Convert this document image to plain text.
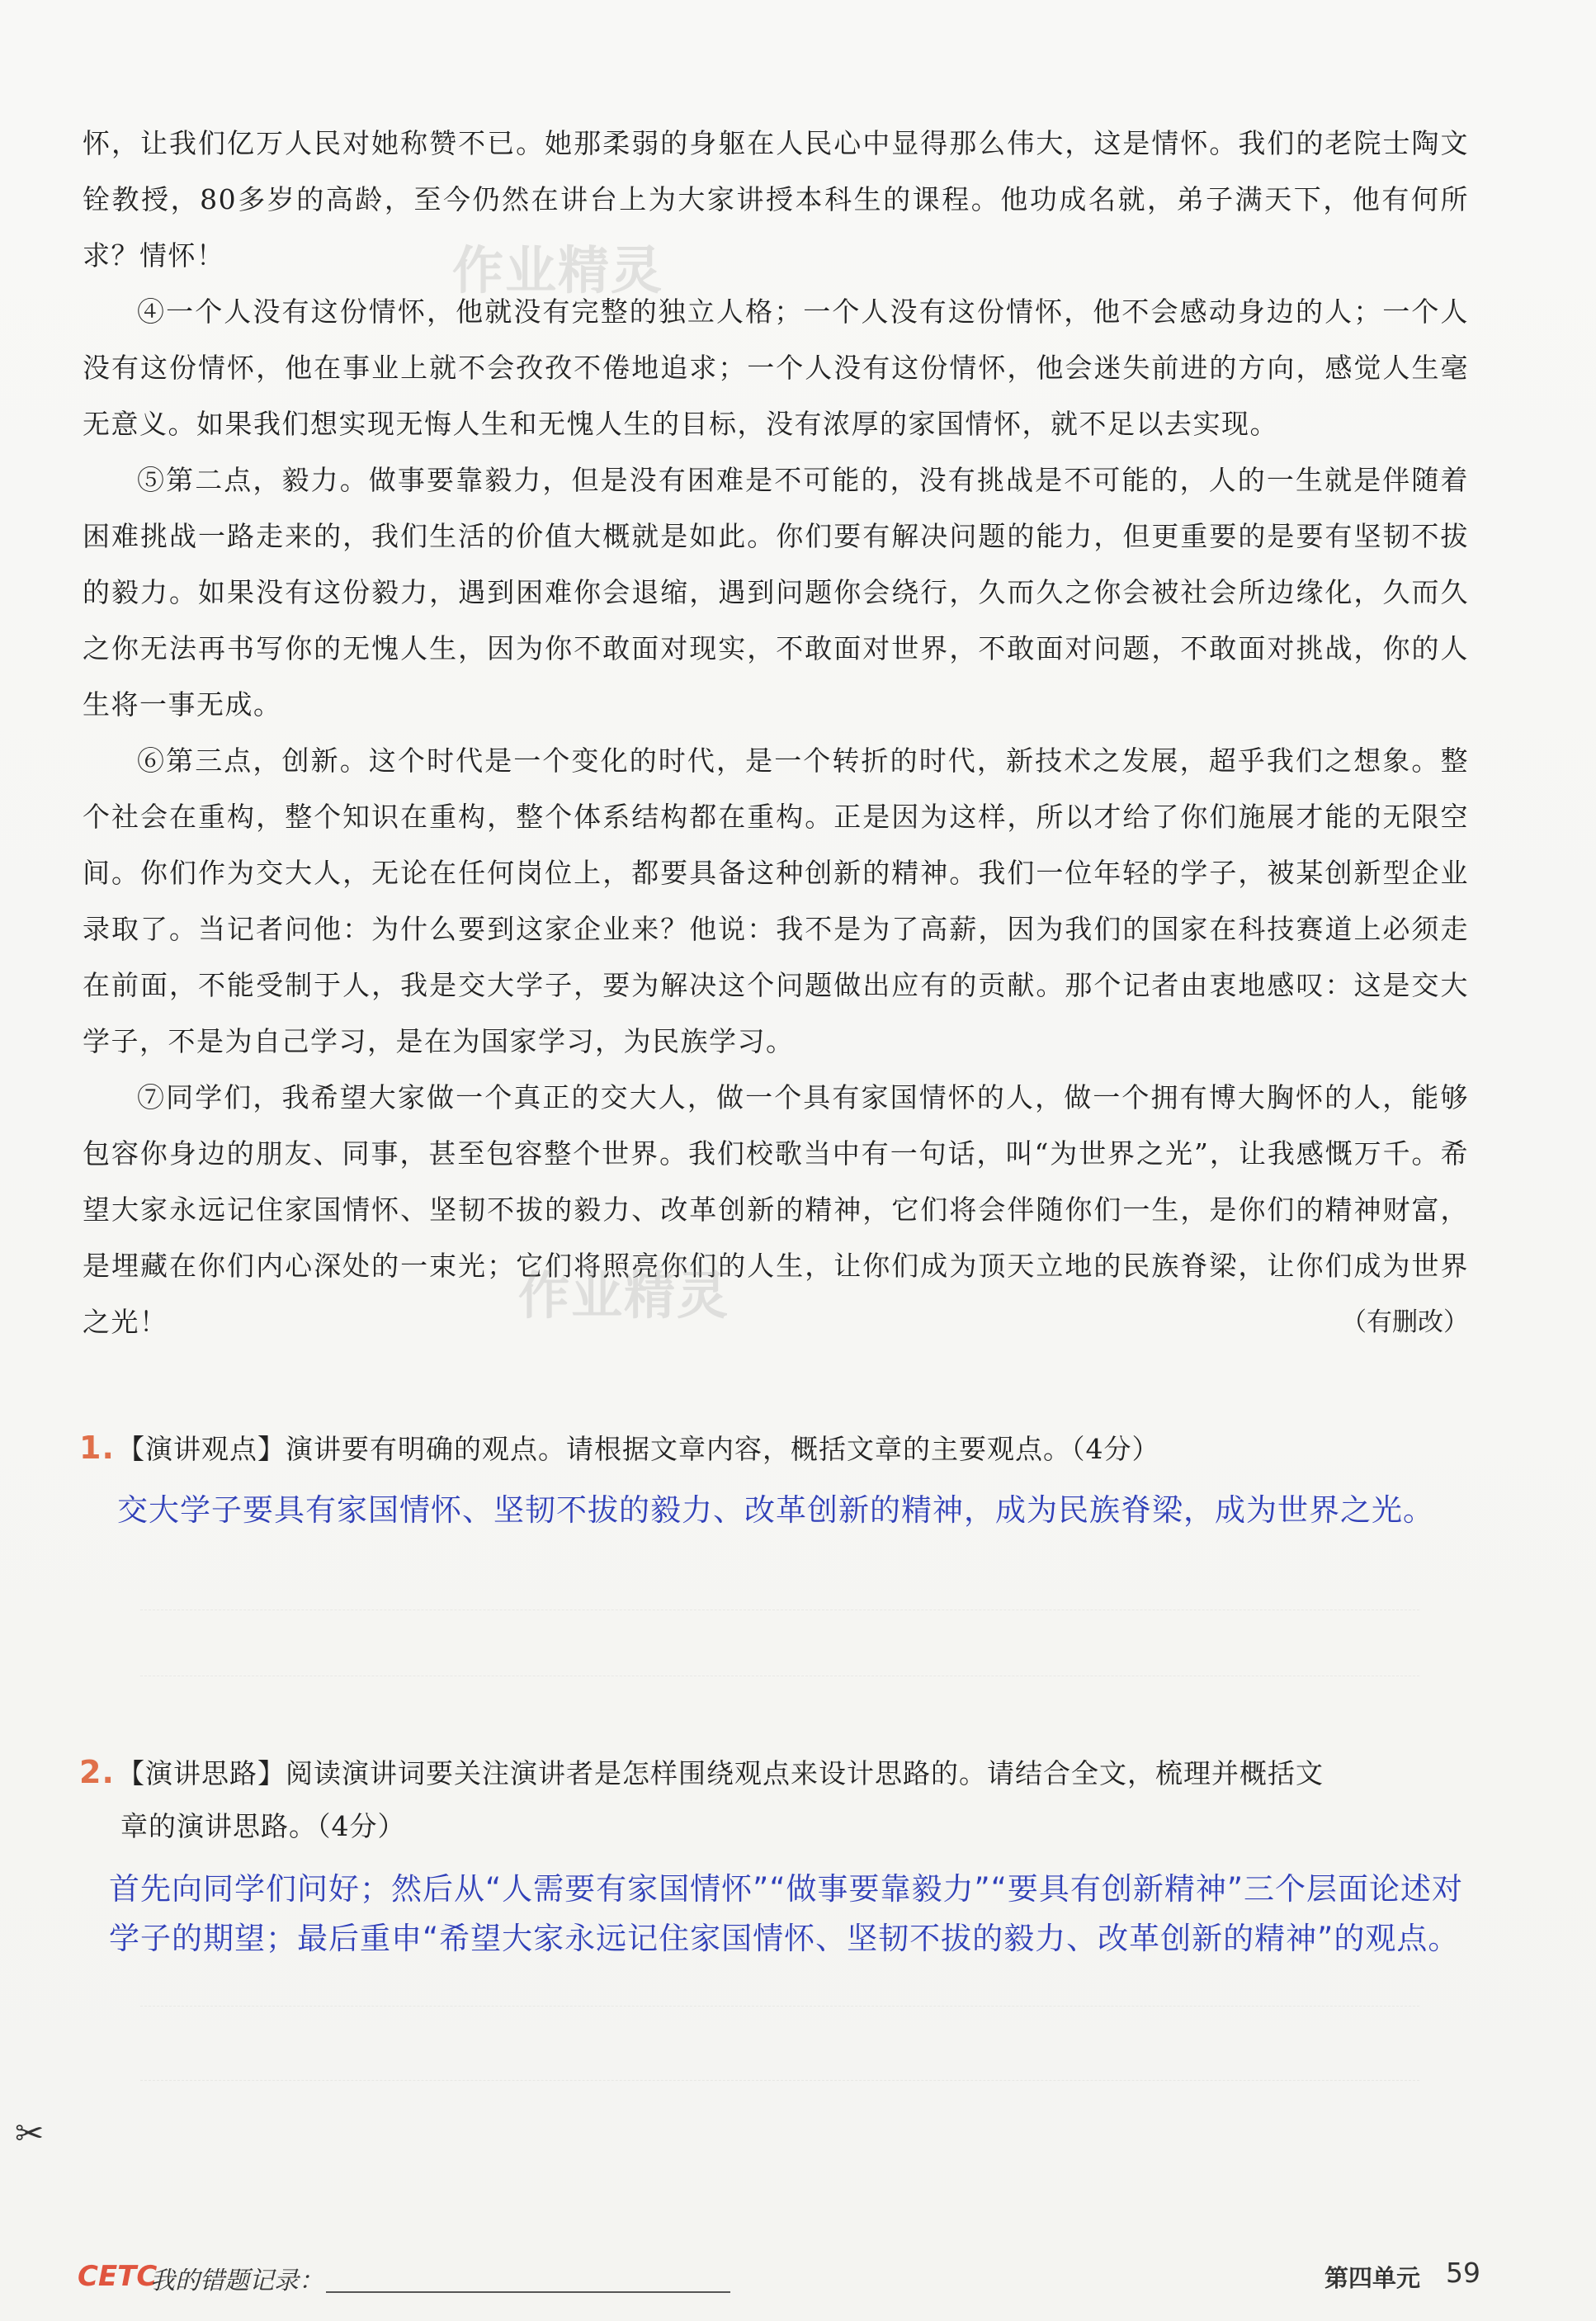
怀，让我们亿万人民对她称赞不已。她那柔弱的身躯在人民心中显得那么伟大，这是情怀。我们的老院士陶文铨教授，80多岁的高龄，至今仍然在讲台上为大家讲授本科生的课程。他功成名就，弟子满天下，他有何所求？情怀！

④一个人没有这份情怀，他就没有完整的独立人格；一个人没有这份情怀，他不会感动身边的人；一个人没有这份情怀，他在事业上就不会孜孜不倦地追求；一个人没有这份情怀，他会迷失前进的方向，感觉人生毫无意义。如果我们想实现无悔人生和无愧人生的目标，没有浓厚的家国情怀，就不足以去实现。

⑤第二点，毅力。做事要靠毅力，但是没有困难是不可能的，没有挑战是不可能的，人的一生就是伴随着困难挑战一路走来的，我们生活的价值大概就是如此。你们要有解决问题的能力，但更重要的是要有坚韧不拔的毅力。如果没有这份毅力，遇到困难你会退缩，遇到问题你会绕行，久而久之你会被社会所边缘化，久而久之你无法再书写你的无愧人生，因为你不敢面对现实，不敢面对世界，不敢面对问题，不敢面对挑战，你的人生将一事无成。

⑥第三点，创新。这个时代是一个变化的时代，是一个转折的时代，新技术之发展，超乎我们之想象。整个社会在重构，整个知识在重构，整个体系结构都在重构。正是因为这样，所以才给了你们施展才能的无限空间。你们作为交大人，无论在任何岗位上，都要具备这种创新的精神。我们一位年轻的学子，被某创新型企业录取了。当记者问他：为什么要到这家企业来？他说：我不是为了高薪，因为我们的国家在科技赛道上必须走在前面，不能受制于人，我是交大学子，要为解决这个问题做出应有的贡献。那个记者由衷地感叹：这是交大学子，不是为自己学习，是在为国家学习，为民族学习。

⑦同学们，我希望大家做一个真正的交大人，做一个具有家国情怀的人，做一个拥有博大胸怀的人，能够包容你身边的朋友、同事，甚至包容整个世界。我们校歌当中有一句话，叫“为世界之光”，让我感慨万千。希望大家永远记住家国情怀、坚韧不拔的毅力、改革创新的精神，它们将会伴随你们一生，是你们的精神财富，是埋藏在你们内心深处的一束光；它们将照亮你们的人生，让你们成为顶天立地的民族脊梁，让你们成为世界之光！	（有删改）
作业精灵
作业精灵

1.【演讲观点】演讲要有明确的观点。请根据文章内容，概括文章的主要观点。（4分）

交大学子要具有家国情怀、坚韧不拔的毅力、改革创新的精神，成为民族脊梁，成为世界之光。

2.【演讲思路】阅读演讲词要关注演讲者是怎样围绕观点来设计思路的。请结合全文，梳理并概括文

章的演讲思路。（4分）

首先向同学们问好；然后从“人需要有家国情怀”“做事要靠毅力”“要具有创新精神”三个层面论述对学子的期望；最后重申“希望大家永远记住家国情怀、坚韧不拔的毅力、改革创新的精神”的观点。

✂
CETC
我的错题记录：	第四单元 59
